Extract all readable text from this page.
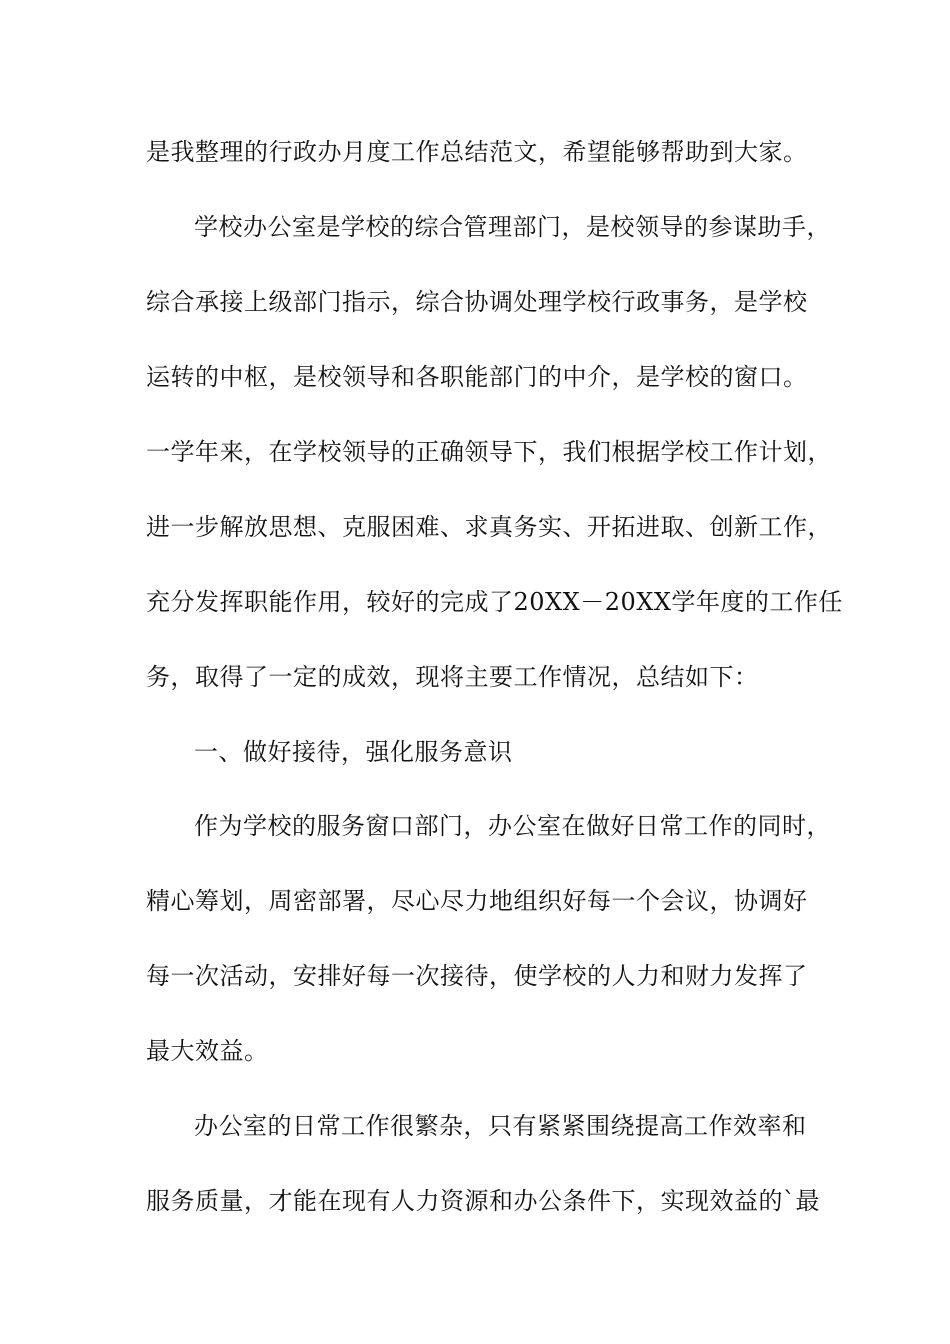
是我整理的行政办月度工作总结范文，希望能够帮助到大家。
学校办公室是学校的综合管理部门，是校领导的参谋助手，
综合承接上级部门指示，综合协调处理学校行政事务，是学校
运转的中枢，是校领导和各职能部门的中介，是学校的窗口。
一学年来，在学校领导的正确领导下，我们根据学校工作计划，
进一步解放思想、克服困难、求真务实、开拓进取、创新工作，
充分发挥职能作用，较好的完成了20XX－20XX学年度的工作任
务，取得了一定的成效，现将主要工作情况，总结如下：
一、做好接待，强化服务意识
作为学校的服务窗口部门，办公室在做好日常工作的同时，
精心筹划，周密部署，尽心尽力地组织好每一个会议，协调好
每一次活动，安排好每一次接待，使学校的人力和财力发挥了
最大效益。
办公室的日常工作很繁杂，只有紧紧围绕提高工作效率和
服务质量，才能在现有人力资源和办公条件下，实现效益的`最
